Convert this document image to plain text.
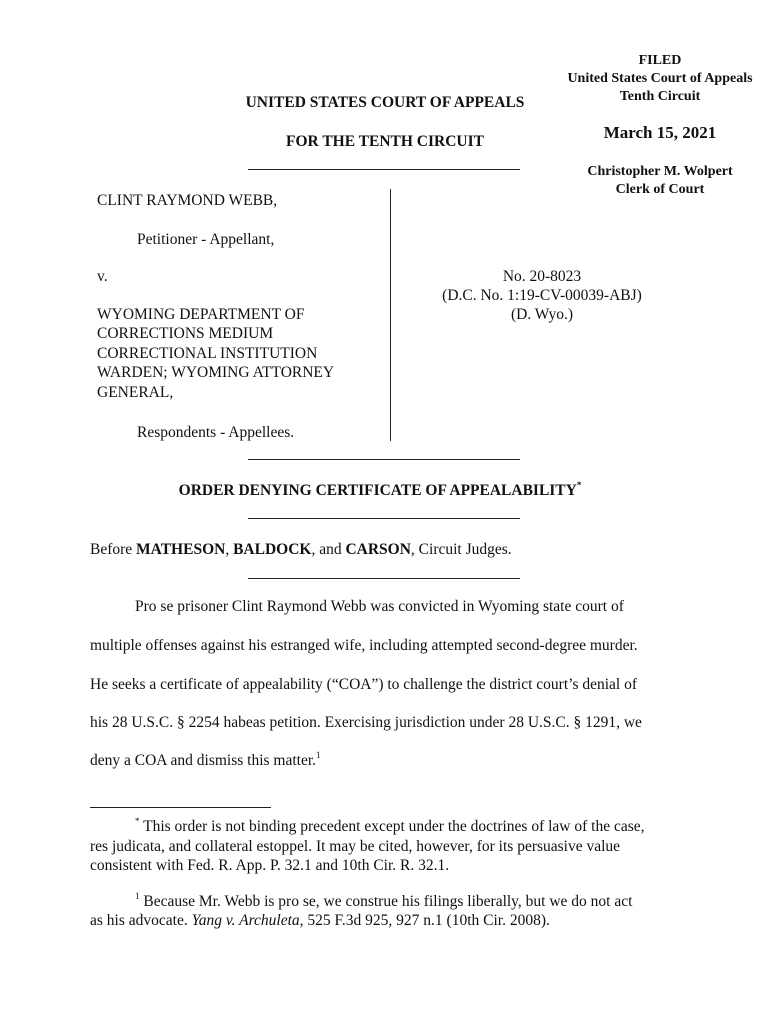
FILED
United States Court of Appeals
Tenth Circuit
March 15, 2021
Christopher M. Wolpert
Clerk of Court
UNITED STATES COURT OF APPEALS
FOR THE TENTH CIRCUIT
CLINT RAYMOND WEBB,
Petitioner - Appellant,
v.
WYOMING DEPARTMENT OF
CORRECTIONS MEDIUM
CORRECTIONAL INSTITUTION
WARDEN; WYOMING ATTORNEY
GENERAL,
Respondents - Appellees.
No. 20-8023
(D.C. No. 1:19-CV-00039-ABJ)
(D. Wyo.)
ORDER DENYING CERTIFICATE OF APPEALABILITY*
Before MATHESON, BALDOCK, and CARSON, Circuit Judges.
Pro se prisoner Clint Raymond Webb was convicted in Wyoming state court of
multiple offenses against his estranged wife, including attempted second-degree murder.
He seeks a certificate of appealability (“COA”) to challenge the district court’s denial of
his 28 U.S.C. § 2254 habeas petition. Exercising jurisdiction under 28 U.S.C. § 1291, we
deny a COA and dismiss this matter.$^1$
* This order is not binding precedent except under the doctrines of law of the case,
res judicata, and collateral estoppel. It may be cited, however, for its persuasive value
consistent with Fed. R. App. P. 32.1 and 10th Cir. R. 32.1.
$^1$ Because Mr. Webb is pro se, we construe his filings liberally, but we do not act
as his advocate. Yang v. Archuleta, 525 F.3d 925, 927 n.1 (10th Cir. 2008).
